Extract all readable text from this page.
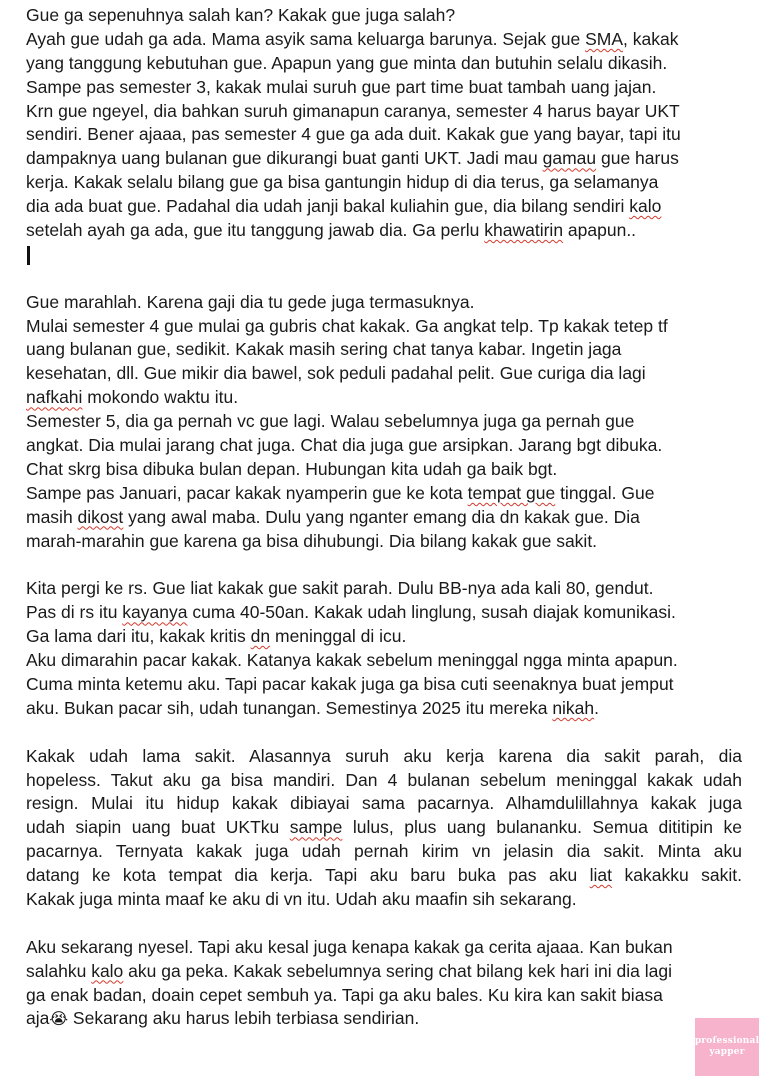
Gue ga sepenuhnya salah kan? Kakak gue juga salah?
Ayah gue udah ga ada. Mama asyik sama keluarga barunya. Sejak gue SMA, kakak
yang tanggung kebutuhan gue. Apapun yang gue minta dan butuhin selalu dikasih.
Sampe pas semester 3, kakak mulai suruh gue part time buat tambah uang jajan.
Krn gue ngeyel, dia bahkan suruh gimanapun caranya, semester 4 harus bayar UKT
sendiri. Bener ajaaa, pas semester 4 gue ga ada duit. Kakak gue yang bayar, tapi itu
dampaknya uang bulanan gue dikurangi buat ganti UKT. Jadi mau gamau gue harus
kerja. Kakak selalu bilang gue ga bisa gantungin hidup di dia terus, ga selamanya
dia ada buat gue. Padahal dia udah janji bakal kuliahin gue, dia bilang sendiri kalo
setelah ayah ga ada, gue itu tanggung jawab dia. Ga perlu khawatirin apapun..
Gue marahlah. Karena gaji dia tu gede juga termasuknya.
Mulai semester 4 gue mulai ga gubris chat kakak. Ga angkat telp. Tp kakak tetep tf
uang bulanan gue, sedikit. Kakak masih sering chat tanya kabar. Ingetin jaga
kesehatan, dll. Gue mikir dia bawel, sok peduli padahal pelit. Gue curiga dia lagi
nafkahi mokondo waktu itu.
Semester 5, dia ga pernah vc gue lagi. Walau sebelumnya juga ga pernah gue
angkat. Dia mulai jarang chat juga. Chat dia juga gue arsipkan. Jarang bgt dibuka.
Chat skrg bisa dibuka bulan depan. Hubungan kita udah ga baik bgt.
Sampe pas Januari, pacar kakak nyamperin gue ke kota tempat gue tinggal. Gue
masih dikost yang awal maba. Dulu yang nganter emang dia dn kakak gue. Dia
marah-marahin gue karena ga bisa dihubungi. Dia bilang kakak gue sakit.
Kita pergi ke rs. Gue liat kakak gue sakit parah. Dulu BB-nya ada kali 80, gendut.
Pas di rs itu kayanya cuma 40-50an. Kakak udah linglung, susah diajak komunikasi.
Ga lama dari itu, kakak kritis dn meninggal di icu.
Aku dimarahin pacar kakak. Katanya kakak sebelum meninggal ngga minta apapun.
Cuma minta ketemu aku. Tapi pacar kakak juga ga bisa cuti seenaknya buat jemput
aku. Bukan pacar sih, udah tunangan. Semestinya 2025 itu mereka nikah.
Kakak udah lama sakit. Alasannya suruh aku kerja karena dia sakit parah, dia
hopeless. Takut aku ga bisa mandiri. Dan 4 bulanan sebelum meninggal kakak udah
resign. Mulai itu hidup kakak dibiayai sama pacarnya. Alhamdulillahnya kakak juga
udah siapin uang buat UKTku sampe lulus, plus uang bulananku. Semua dititipin ke
pacarnya. Ternyata kakak juga udah pernah kirim vn jelasin dia sakit. Minta aku
datang ke kota tempat dia kerja. Tapi aku baru buka pas aku liat kakakku sakit.
Kakak juga minta maaf ke aku di vn itu. Udah aku maafin sih sekarang.
Aku sekarang nyesel. Tapi aku kesal juga kenapa kakak ga cerita ajaaa. Kan bukan
salahku kalo aku ga peka. Kakak sebelumnya sering chat bilang kek hari ini dia lagi
ga enak badan, doain cepet sembuh ya. Tapi ga aku bales. Ku kira kan sakit biasa
aja😭 Sekarang aku harus lebih terbiasa sendirian.
professional
yapper
